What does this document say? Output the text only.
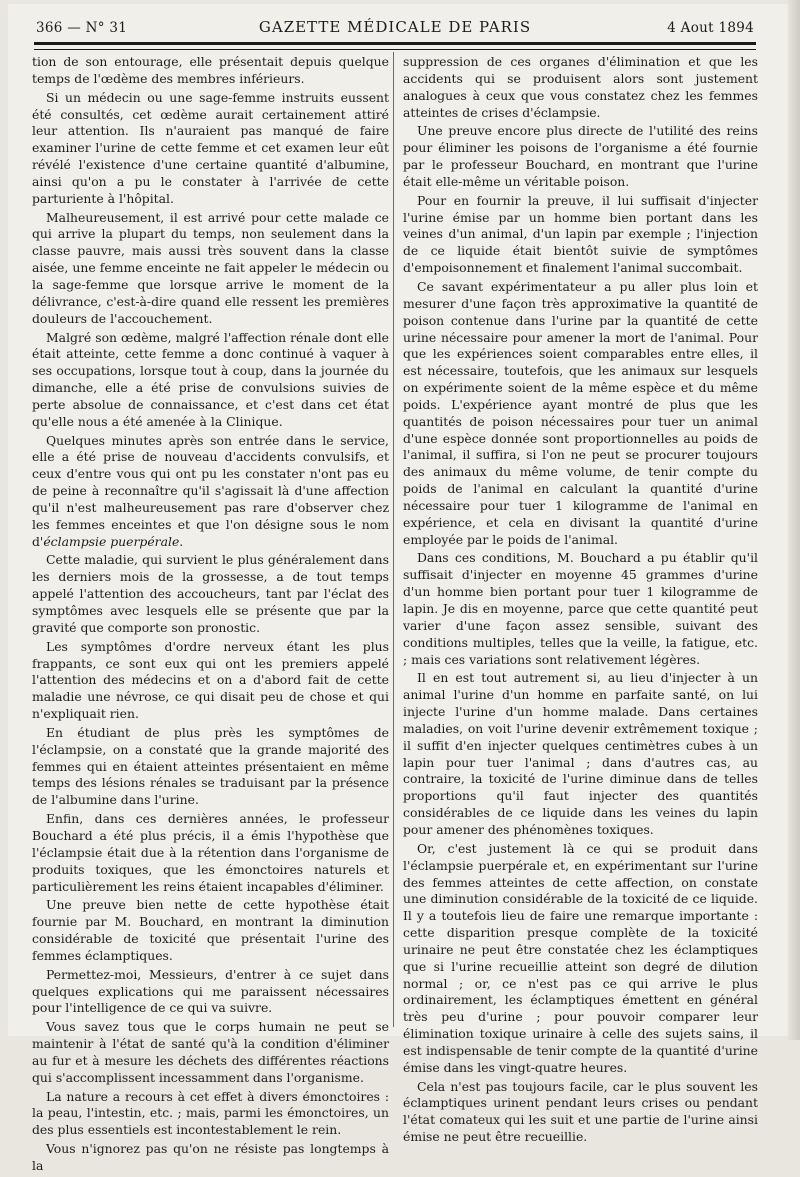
366 — N° 31	GAZETTE MÉDICALE DE PARIS	4 Aout 1894

tion de son entourage, elle présentait depuis quelque temps de l'œdème des membres inférieurs.

Si un médecin ou une sage-femme instruits eussent été consultés, cet œdème aurait certainement attiré leur attention. Ils n'auraient pas manqué de faire examiner l'urine de cette femme et cet examen leur eût révélé l'existence d'une certaine quantité d'albumine, ainsi qu'on a pu le constater à l'arrivée de cette parturiente à l'hôpital.

Malheureusement, il est arrivé pour cette malade ce qui arrive la plupart du temps, non seulement dans la classe pauvre, mais aussi très souvent dans la classe aisée, une femme enceinte ne fait appeler le médecin ou la sage-femme que lorsque arrive le moment de la délivrance, c'est-à-dire quand elle ressent les premières douleurs de l'accouchement.

Malgré son œdème, malgré l'affection rénale dont elle était atteinte, cette femme a donc continué à vaquer à ses occupations, lorsque tout à coup, dans la journée du dimanche, elle a été prise de convulsions suivies de perte absolue de connaissance, et c'est dans cet état qu'elle nous a été amenée à la Clinique.

Quelques minutes après son entrée dans le service, elle a été prise de nouveau d'accidents convulsifs, et ceux d'entre vous qui ont pu les constater n'ont pas eu de peine à reconnaître qu'il s'agissait là d'une affection qu'il n'est malheureusement pas rare d'observer chez les femmes enceintes et que l'on désigne sous le nom d'éclampsie puerpérale.

Cette maladie, qui survient le plus généralement dans les derniers mois de la grossesse, a de tout temps appelé l'attention des accoucheurs, tant par l'éclat des symptômes avec lesquels elle se présente que par la gravité que comporte son pronostic.

Les symptômes d'ordre nerveux étant les plus frappants, ce sont eux qui ont les premiers appelé l'attention des médecins et on a d'abord fait de cette maladie une névrose, ce qui disait peu de chose et qui n'expliquait rien.

En étudiant de plus près les symptômes de l'éclampsie, on a constaté que la grande majorité des femmes qui en étaient atteintes présentaient en même temps des lésions rénales se traduisant par la présence de l'albumine dans l'urine.

Enfin, dans ces dernières années, le professeur Bouchard a été plus précis, il a émis l'hypothèse que l'éclampsie était due à la rétention dans l'organisme de produits toxiques, que les émonctoires naturels et particulièrement les reins étaient incapables d'éliminer.

Une preuve bien nette de cette hypothèse était fournie par M. Bouchard, en montrant la diminution considérable de toxicité que présentait l'urine des femmes éclamptiques.

Permettez-moi, Messieurs, d'entrer à ce sujet dans quelques explications qui me paraissent nécessaires pour l'intelligence de ce qui va suivre.

Vous savez tous que le corps humain ne peut se maintenir à l'état de santé qu'à la condition d'éliminer au fur et à mesure les déchets des différentes réactions qui s'accomplissent incessamment dans l'organisme.

La nature a recours à cet effet à divers émonctoires : la peau, l'intestin, etc. ; mais, parmi les émonctoires, un des plus essentiels est incontestablement le rein.

Vous n'ignorez pas qu'on ne résiste pas longtemps à la

suppression de ces organes d'élimination et que les accidents qui se produisent alors sont justement analogues à ceux que vous constatez chez les femmes atteintes de crises d'éclampsie.

Une preuve encore plus directe de l'utilité des reins pour éliminer les poisons de l'organisme a été fournie par le professeur Bouchard, en montrant que l'urine était elle-même un véritable poison.

Pour en fournir la preuve, il lui suffisait d'injecter l'urine émise par un homme bien portant dans les veines d'un animal, d'un lapin par exemple ; l'injection de ce liquide était bientôt suivie de symptômes d'empoisonnement et finalement l'animal succombait.

Ce savant expérimentateur a pu aller plus loin et mesurer d'une façon très approximative la quantité de poison contenue dans l'urine par la quantité de cette urine nécessaire pour amener la mort de l'animal. Pour que les expériences soient comparables entre elles, il est nécessaire, toutefois, que les animaux sur lesquels on expérimente soient de la même espèce et du même poids. L'expérience ayant montré de plus que les quantités de poison nécessaires pour tuer un animal d'une espèce donnée sont proportionnelles au poids de l'animal, il suffira, si l'on ne peut se procurer toujours des animaux du même volume, de tenir compte du poids de l'animal en calculant la quantité d'urine nécessaire pour tuer 1 kilogramme de l'animal en expérience, et cela en divisant la quantité d'urine employée par le poids de l'animal.

Dans ces conditions, M. Bouchard a pu établir qu'il suffisait d'injecter en moyenne 45 grammes d'urine d'un homme bien portant pour tuer 1 kilogramme de lapin. Je dis en moyenne, parce que cette quantité peut varier d'une façon assez sensible, suivant des conditions multiples, telles que la veille, la fatigue, etc. ; mais ces variations sont relativement légères.

Il en est tout autrement si, au lieu d'injecter à un animal l'urine d'un homme en parfaite santé, on lui injecte l'urine d'un homme malade. Dans certaines maladies, on voit l'urine devenir extrêmement toxique ; il suffit d'en injecter quelques centimètres cubes à un lapin pour tuer l'animal ; dans d'autres cas, au contraire, la toxicité de l'urine diminue dans de telles proportions qu'il faut injecter des quantités considérables de ce liquide dans les veines du lapin pour amener des phénomènes toxiques.

Or, c'est justement là ce qui se produit dans l'éclampsie puerpérale et, en expérimentant sur l'urine des femmes atteintes de cette affection, on constate une diminution considérable de la toxicité de ce liquide. Il y a toutefois lieu de faire une remarque importante : cette disparition presque complète de la toxicité urinaire ne peut être constatée chez les éclamptiques que si l'urine recueillie atteint son degré de dilution normal ; or, ce n'est pas ce qui arrive le plus ordinairement, les éclamptiques émettent en général très peu d'urine ; pour pouvoir comparer leur élimination toxique urinaire à celle des sujets sains, il est indispensable de tenir compte de la quantité d'urine émise dans les vingt-quatre heures.

Cela n'est pas toujours facile, car le plus souvent les éclamptiques urinent pendant leurs crises ou pendant l'état comateux qui les suit et une partie de l'urine ainsi émise ne peut être recueillie.
